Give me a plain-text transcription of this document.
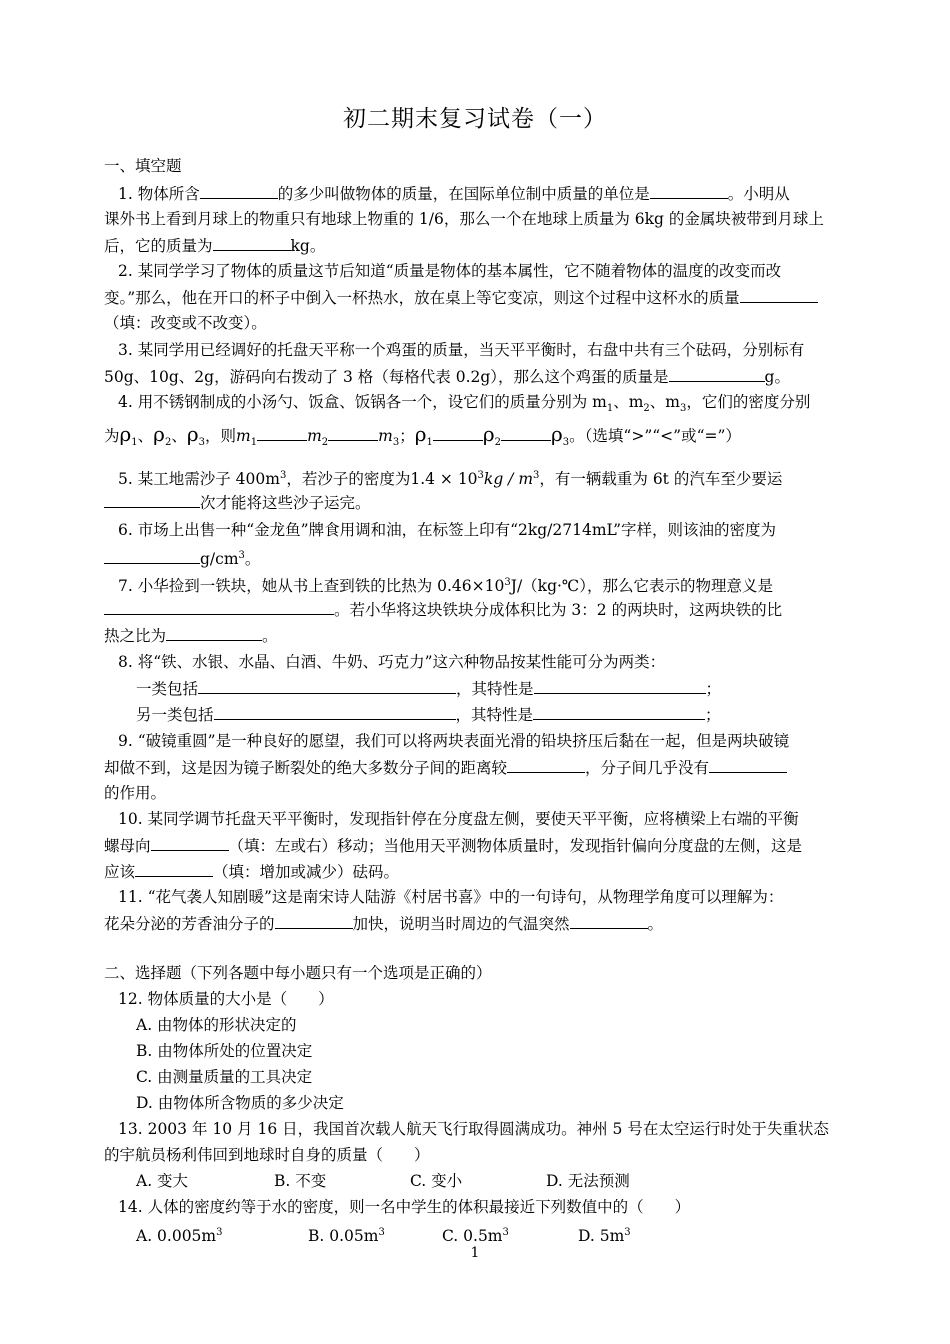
初二期末复习试卷（一）
一、填空题
1. 物体所含	的多少叫做物体的质量，在国际单位制中质量的单位是	。小明从
课外书上看到月球上的物重只有地球上物重的 1/6，那么一个在地球上质量为 6kg 的金属块被带到月球上
后，它的质量为	kg。
2. 某同学学习了物体的质量这节后知道“质量是物体的基本属性，它不随着物体的温度的改变而改
变。”那么，他在开口的杯子中倒入一杯热水，放在桌上等它变凉，则这个过程中这杯水的质量
（填：改变或不改变）。
3. 某同学用已经调好的托盘天平称一个鸡蛋的质量，当天平平衡时，右盘中共有三个砝码，分别标有
50g、10g、2g，游码向右拨动了 3 格（每格代表 0.2g），那么这个鸡蛋的质量是	g。
4. 用不锈钢制成的小汤勺、饭盒、饭锅各一个，设它们的质量分别为 $m_1$、$m_2$、$m_3$，它们的密度分别
为$\rho_1$、$\rho_2$、$\rho_3$，则$m_1$	$m_2$	$m_3$；$\rho_1$	$\rho_2$	$\rho_3$。（选填“>”“<”或“=”）
5. 某工地需沙子 $400m^3$，若沙子的密度为$1.4 \times 10^3kg / m^3$，有一辆载重为 6t 的汽车至少要运
次才能将这些沙子运完。
6. 市场上出售一种“金龙鱼”牌食用调和油，在标签上印有“2kg/2714mL”字样，则该油的密度为
$g/cm^3$。
7. 小华捡到一铁块，她从书上查到铁的比热为 $0.46\times 10^3J/(kg\cdot℃)$，那么它表示的物理意义是
。若小华将这块铁块分成体积比为 3：2 的两块时，这两块铁的比
热之比为	。
8. 将“铁、水银、水晶、白酒、牛奶、巧克力”这六种物品按某性能可分为两类：
一类包括	，其特性是	；
另一类包括	，其特性是	；
9. “破镜重圆”是一种良好的愿望，我们可以将两块表面光滑的铅块挤压后黏在一起，但是两块破镜
却做不到，这是因为镜子断裂处的绝大多数分子间的距离较	，分子间几乎没有
的作用。
10. 某同学调节托盘天平平衡时，发现指针停在分度盘左侧，要使天平平衡，应将横梁上右端的平衡
螺母向	（填：左或右）移动；当他用天平测物体质量时，发现指针偏向分度盘的左侧，这是
应该	（填：增加或减少）砝码。
11. “花气袭人知剧暖”这是南宋诗人陆游《村居书喜》中的一句诗句，从物理学角度可以理解为：
花朵分泌的芳香油分子的	加快，说明当时周边的气温突然	。
二、选择题（下列各题中每小题只有一个选项是正确的）
12. 物体质量的大小是（　　）
A. 由物体的形状决定的
B. 由物体所处的位置决定
C. 由测量质量的工具决定
D. 由物体所含物质的多少决定
13. 2003 年 10 月 16 日，我国首次载人航天飞行取得圆满成功。神州 5 号在太空运行时处于失重状态
的宇航员杨利伟回到地球时自身的质量（　　）
A. 变大	B. 不变	C. 变小	D. 无法预测
14. 人体的密度约等于水的密度，则一名中学生的体积最接近下列数值中的（　　）
A. $0.005m^3$	B. $0.05m^3$	C. $0.5m^3$	D. $5m^3$
1
